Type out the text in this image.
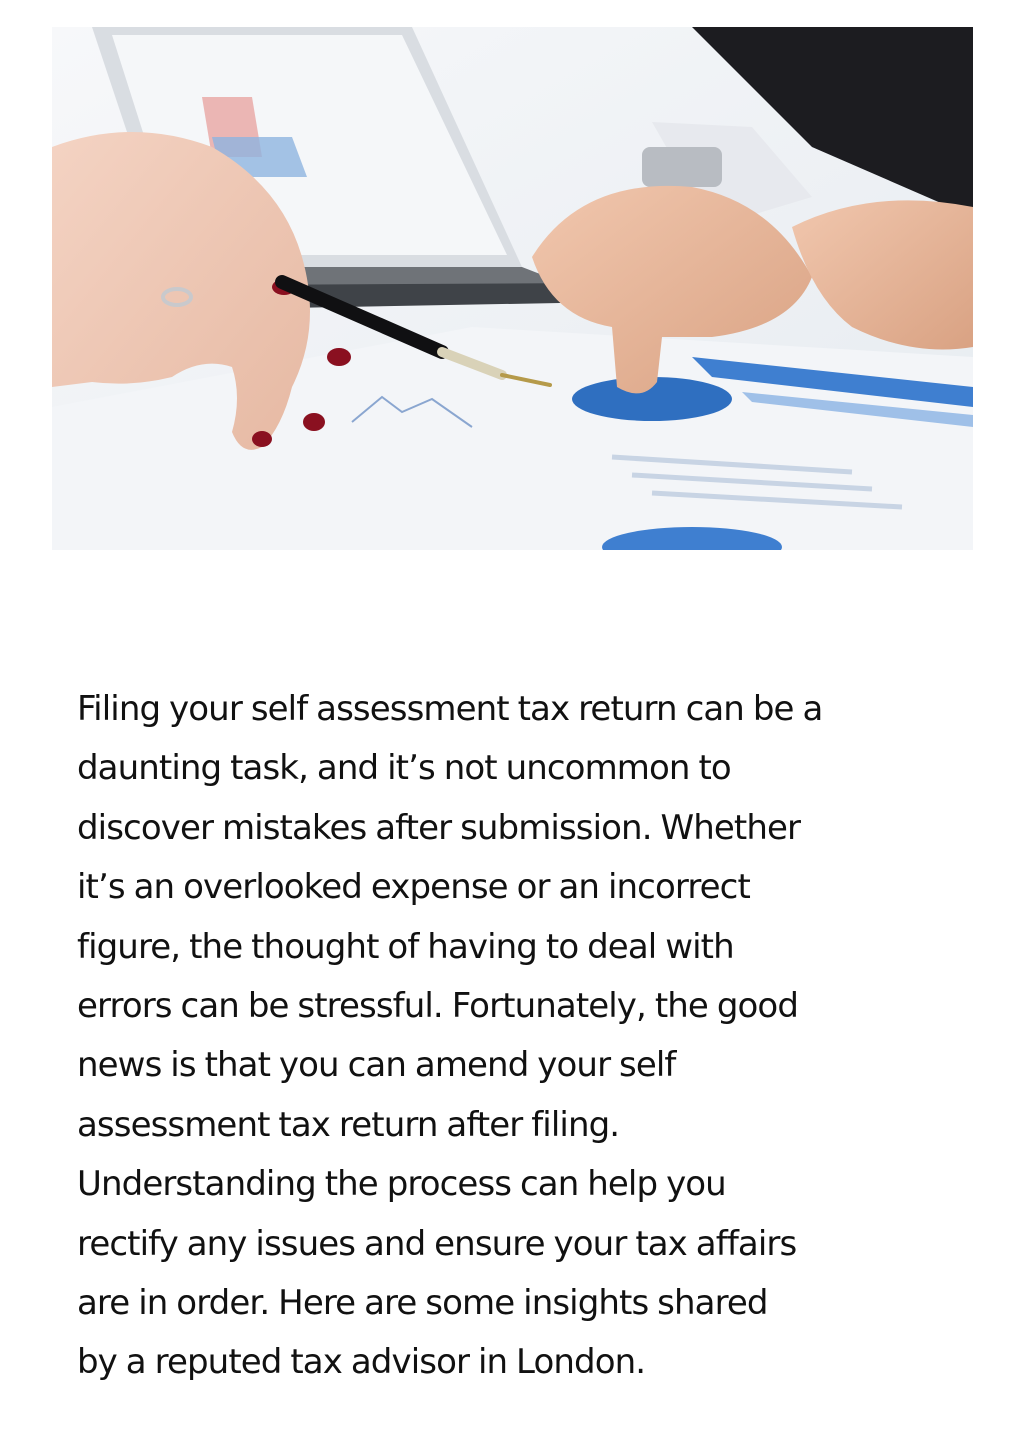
Filing your self assessment tax return can be a
daunting task, and it’s not uncommon to
discover mistakes after submission. Whether
it’s an overlooked expense or an incorrect
figure, the thought of having to deal with
errors can be stressful. Fortunately, the good
news is that you can amend your self
assessment tax return after filing.
Understanding the process can help you
rectify any issues and ensure your tax affairs
are in order. Here are some insights shared
by a reputed tax advisor in London.
